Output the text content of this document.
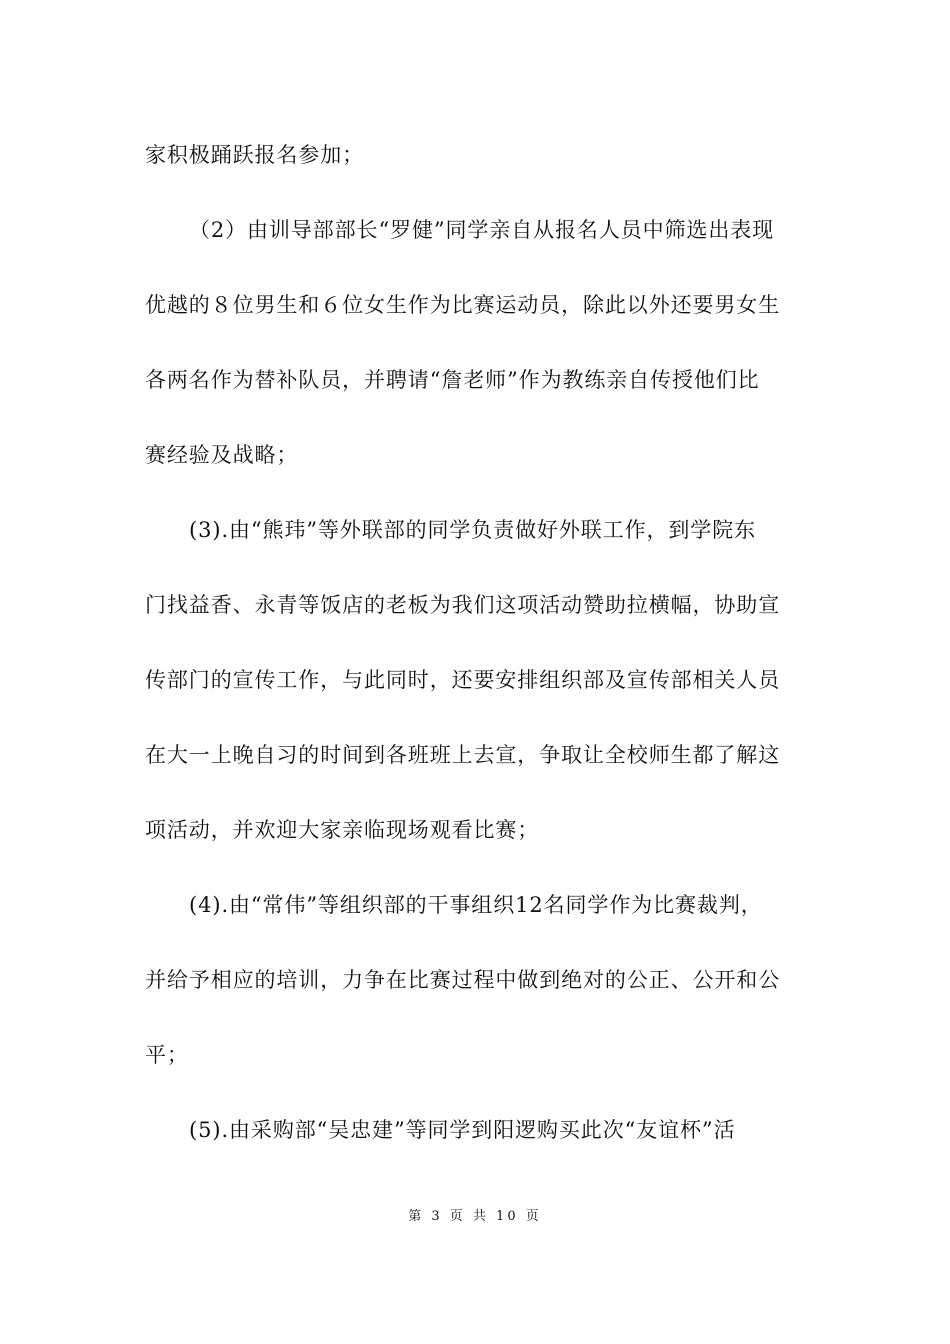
家积极踊跃报名参加；
（2）由训导部部长“罗健”同学亲自从报名人员中筛选出表现
优越的８位男生和６位女生作为比赛运动员，除此以外还要男女生
各两名作为替补队员，并聘请“詹老师”作为教练亲自传授他们比
赛经验及战略；
(3).由“熊玮”等外联部的同学负责做好外联工作，到学院东
门找益香、永青等饭店的老板为我们这项活动赞助拉横幅，协助宣
传部门的宣传工作，与此同时，还要安排组织部及宣传部相关人员
在大一上晚自习的时间到各班班上去宣，争取让全校师生都了解这
项活动，并欢迎大家亲临现场观看比赛；
(4).由“常伟”等组织部的干事组织12名同学作为比赛裁判，
并给予相应的培训，力争在比赛过程中做到绝对的公正、公开和公
平；
(5).由采购部“吴忠建”等同学到阳逻购买此次“友谊杯”活
第 3 页 共 10 页
